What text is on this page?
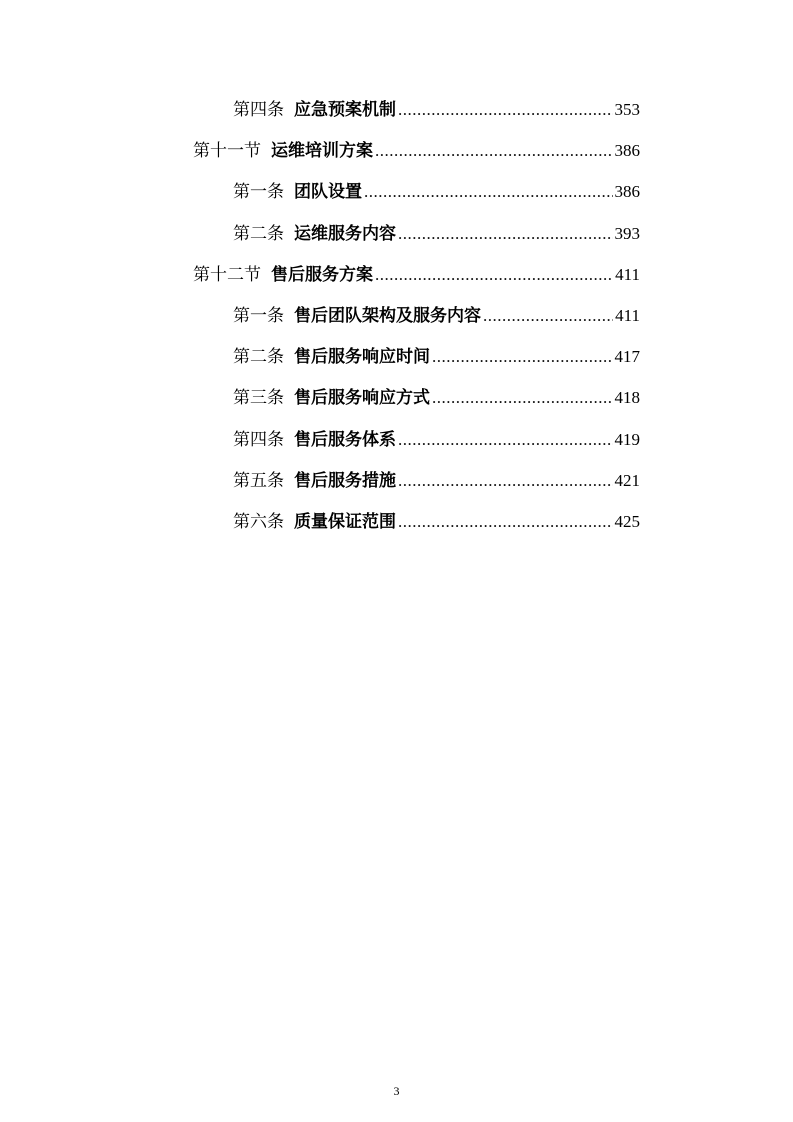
第四条 应急预案机制 .....	353
第十一节 运维培训方案 .....	386
第一条 团队设置 .....	386
第二条 运维服务内容 .....	393
第十二节 售后服务方案 .....	411
第一条 售后团队架构及服务内容 .....	411
第二条 售后服务响应时间 .....	417
第三条 售后服务响应方式 .....	418
第四条 售后服务体系 .....	419
第五条 售后服务措施 .....	421
第六条 质量保证范围 .....	425
3
